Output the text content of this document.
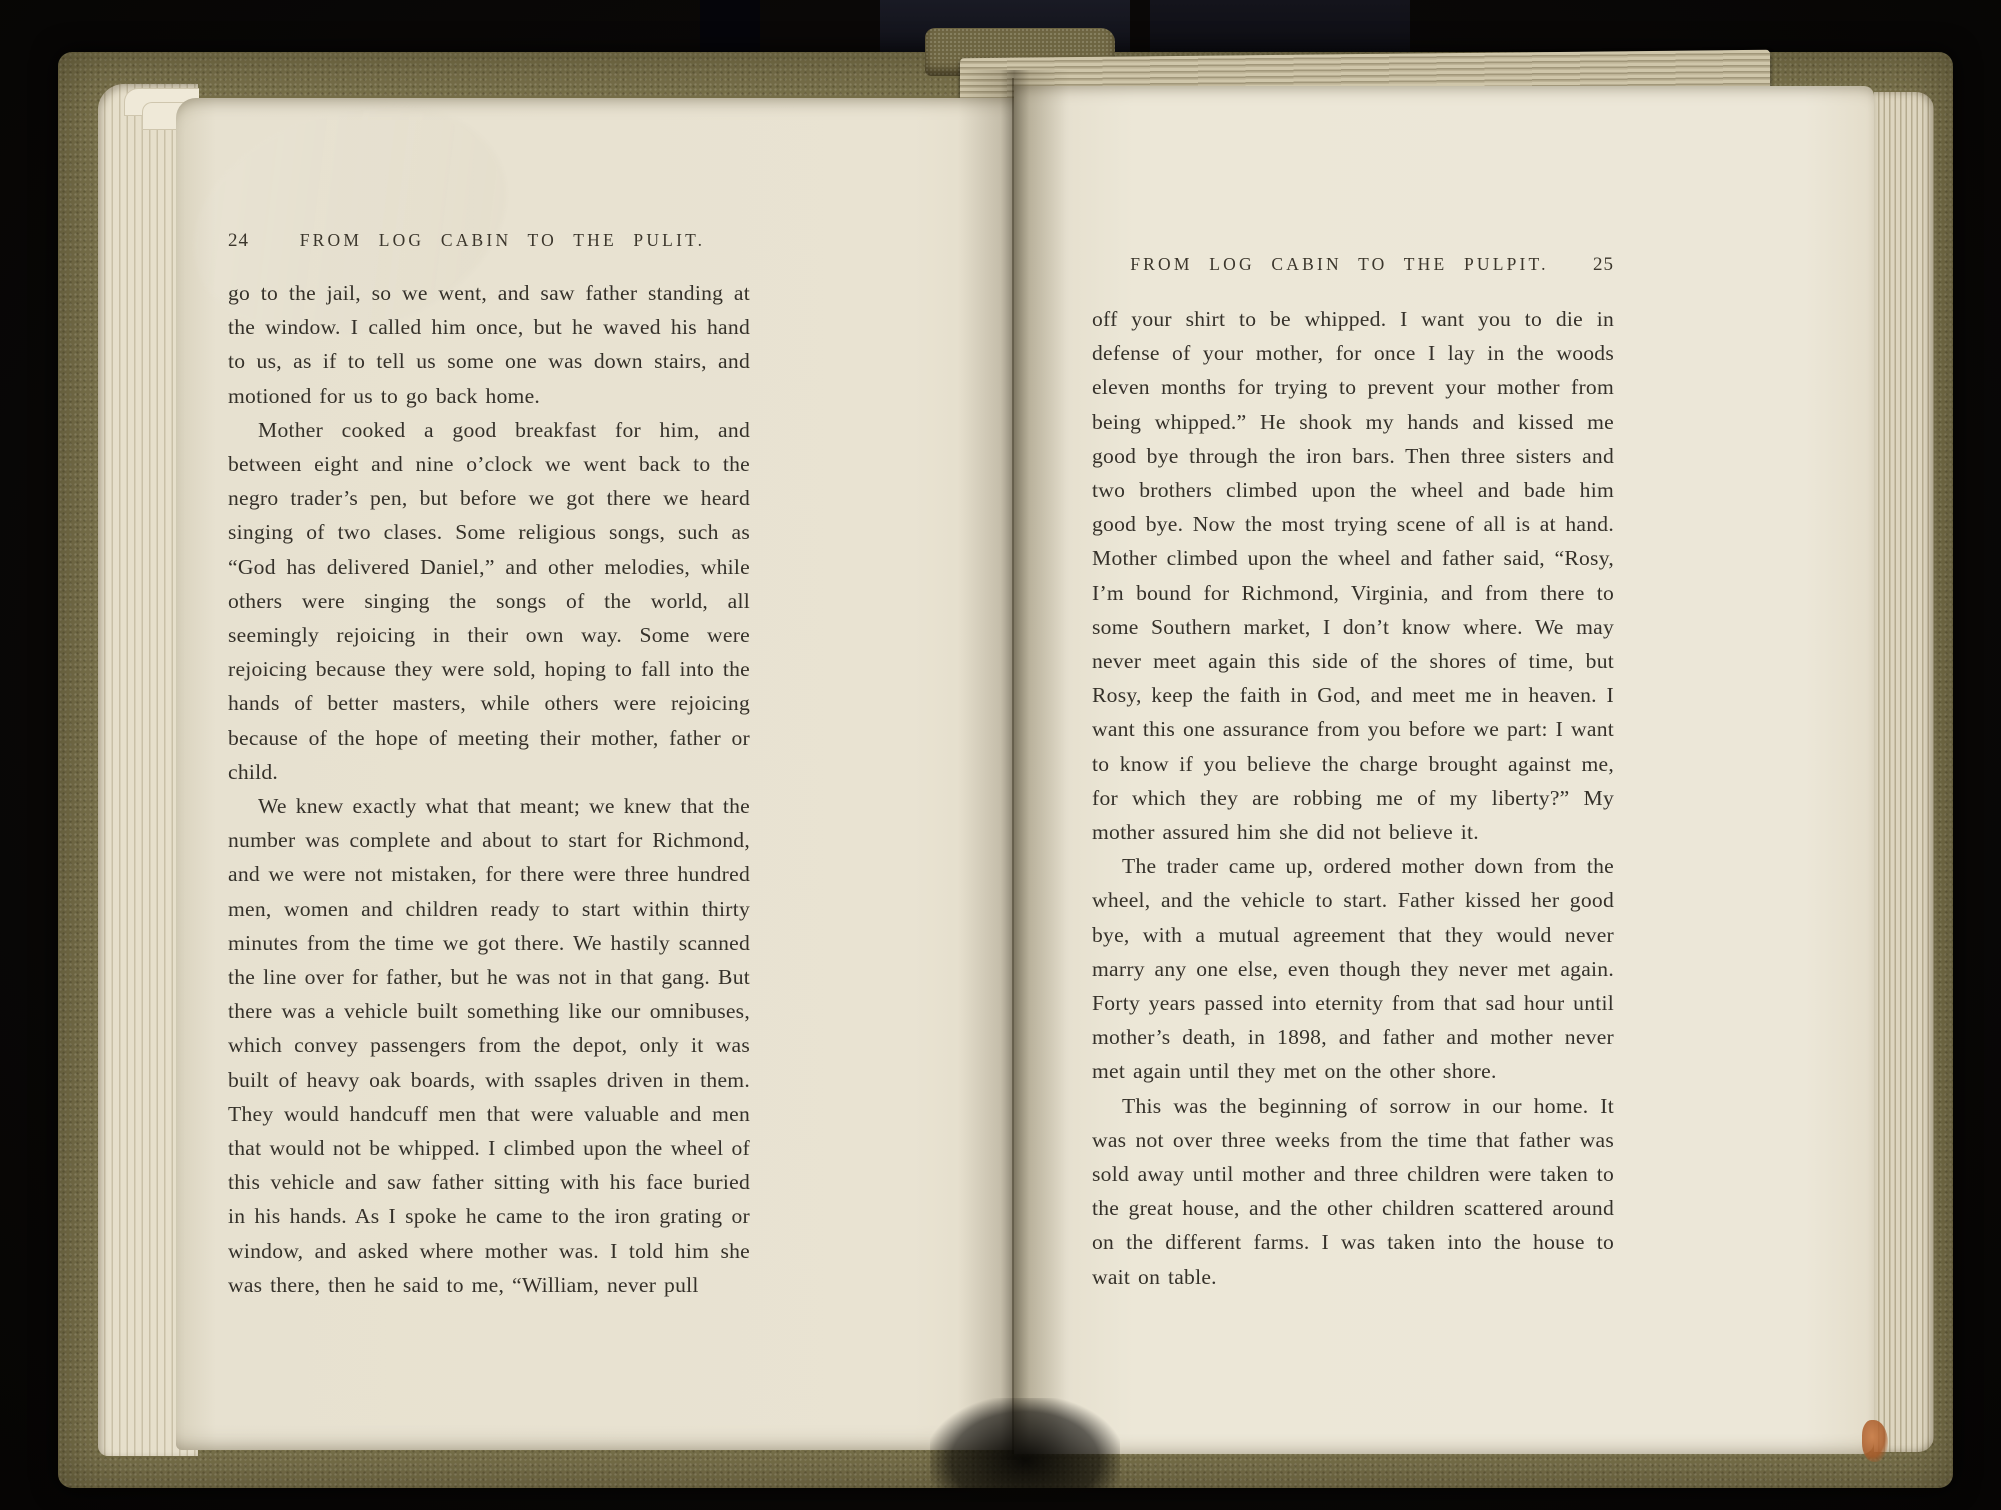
24	FROM LOG CABIN TO THE PULIT.

go to the jail, so we went, and saw father standing at the window. I called him once, but he waved his hand to us, as if to tell us some one was down stairs, and motioned for us to go back home.

Mother cooked a good breakfast for him, and between eight and nine o’clock we went back to the negro trader’s pen, but before we got there we heard singing of two clases. Some religious songs, such as “God has delivered Daniel,” and other melodies, while others were singing the songs of the world, all seemingly rejoicing in their own way. Some were rejoicing because they were sold, hoping to fall into the hands of better masters, while others were rejoicing because of the hope of meeting their mother, father or child.

We knew exactly what that meant; we knew that the number was complete and about to start for Richmond, and we were not mistaken, for there were three hundred men, women and children ready to start within thirty minutes from the time we got there. We hastily scanned the line over for father, but he was not in that gang. But there was a vehicle built something like our omnibuses, which convey passengers from the depot, only it was built of heavy oak boards, with ssaples driven in them. They would handcuff men that were valuable and men that would not be whipped. I climbed upon the wheel of this vehicle and saw father sitting with his face buried in his hands. As I spoke he came to the iron grating or window, and asked where mother was. I told him she was there, then he said to me, “William, never pull

FROM LOG CABIN TO THE PULPIT.	25

off your shirt to be whipped. I want you to die in defense of your mother, for once I lay in the woods eleven months for trying to prevent your mother from being whipped.” He shook my hands and kissed me good bye through the iron bars. Then three sisters and two brothers climbed upon the wheel and bade him good bye. Now the most trying scene of all is at hand. Mother climbed upon the wheel and father said, “Rosy, I’m bound for Richmond, Virginia, and from there to some Southern market, I don’t know where. We may never meet again this side of the shores of time, but Rosy, keep the faith in God, and meet me in heaven. I want this one assurance from you before we part: I want to know if you believe the charge brought against me, for which they are robbing me of my liberty?” My mother assured him she did not believe it.

The trader came up, ordered mother down from the wheel, and the vehicle to start. Father kissed her good bye, with a mutual agreement that they would never marry any one else, even though they never met again. Forty years passed into eternity from that sad hour until mother’s death, in 1898, and father and mother never met again until they met on the other shore.

This was the beginning of sorrow in our home. It was not over three weeks from the time that father was sold away until mother and three children were taken to the great house, and the other children scattered around on the different farms. I was taken into the house to wait on table.
